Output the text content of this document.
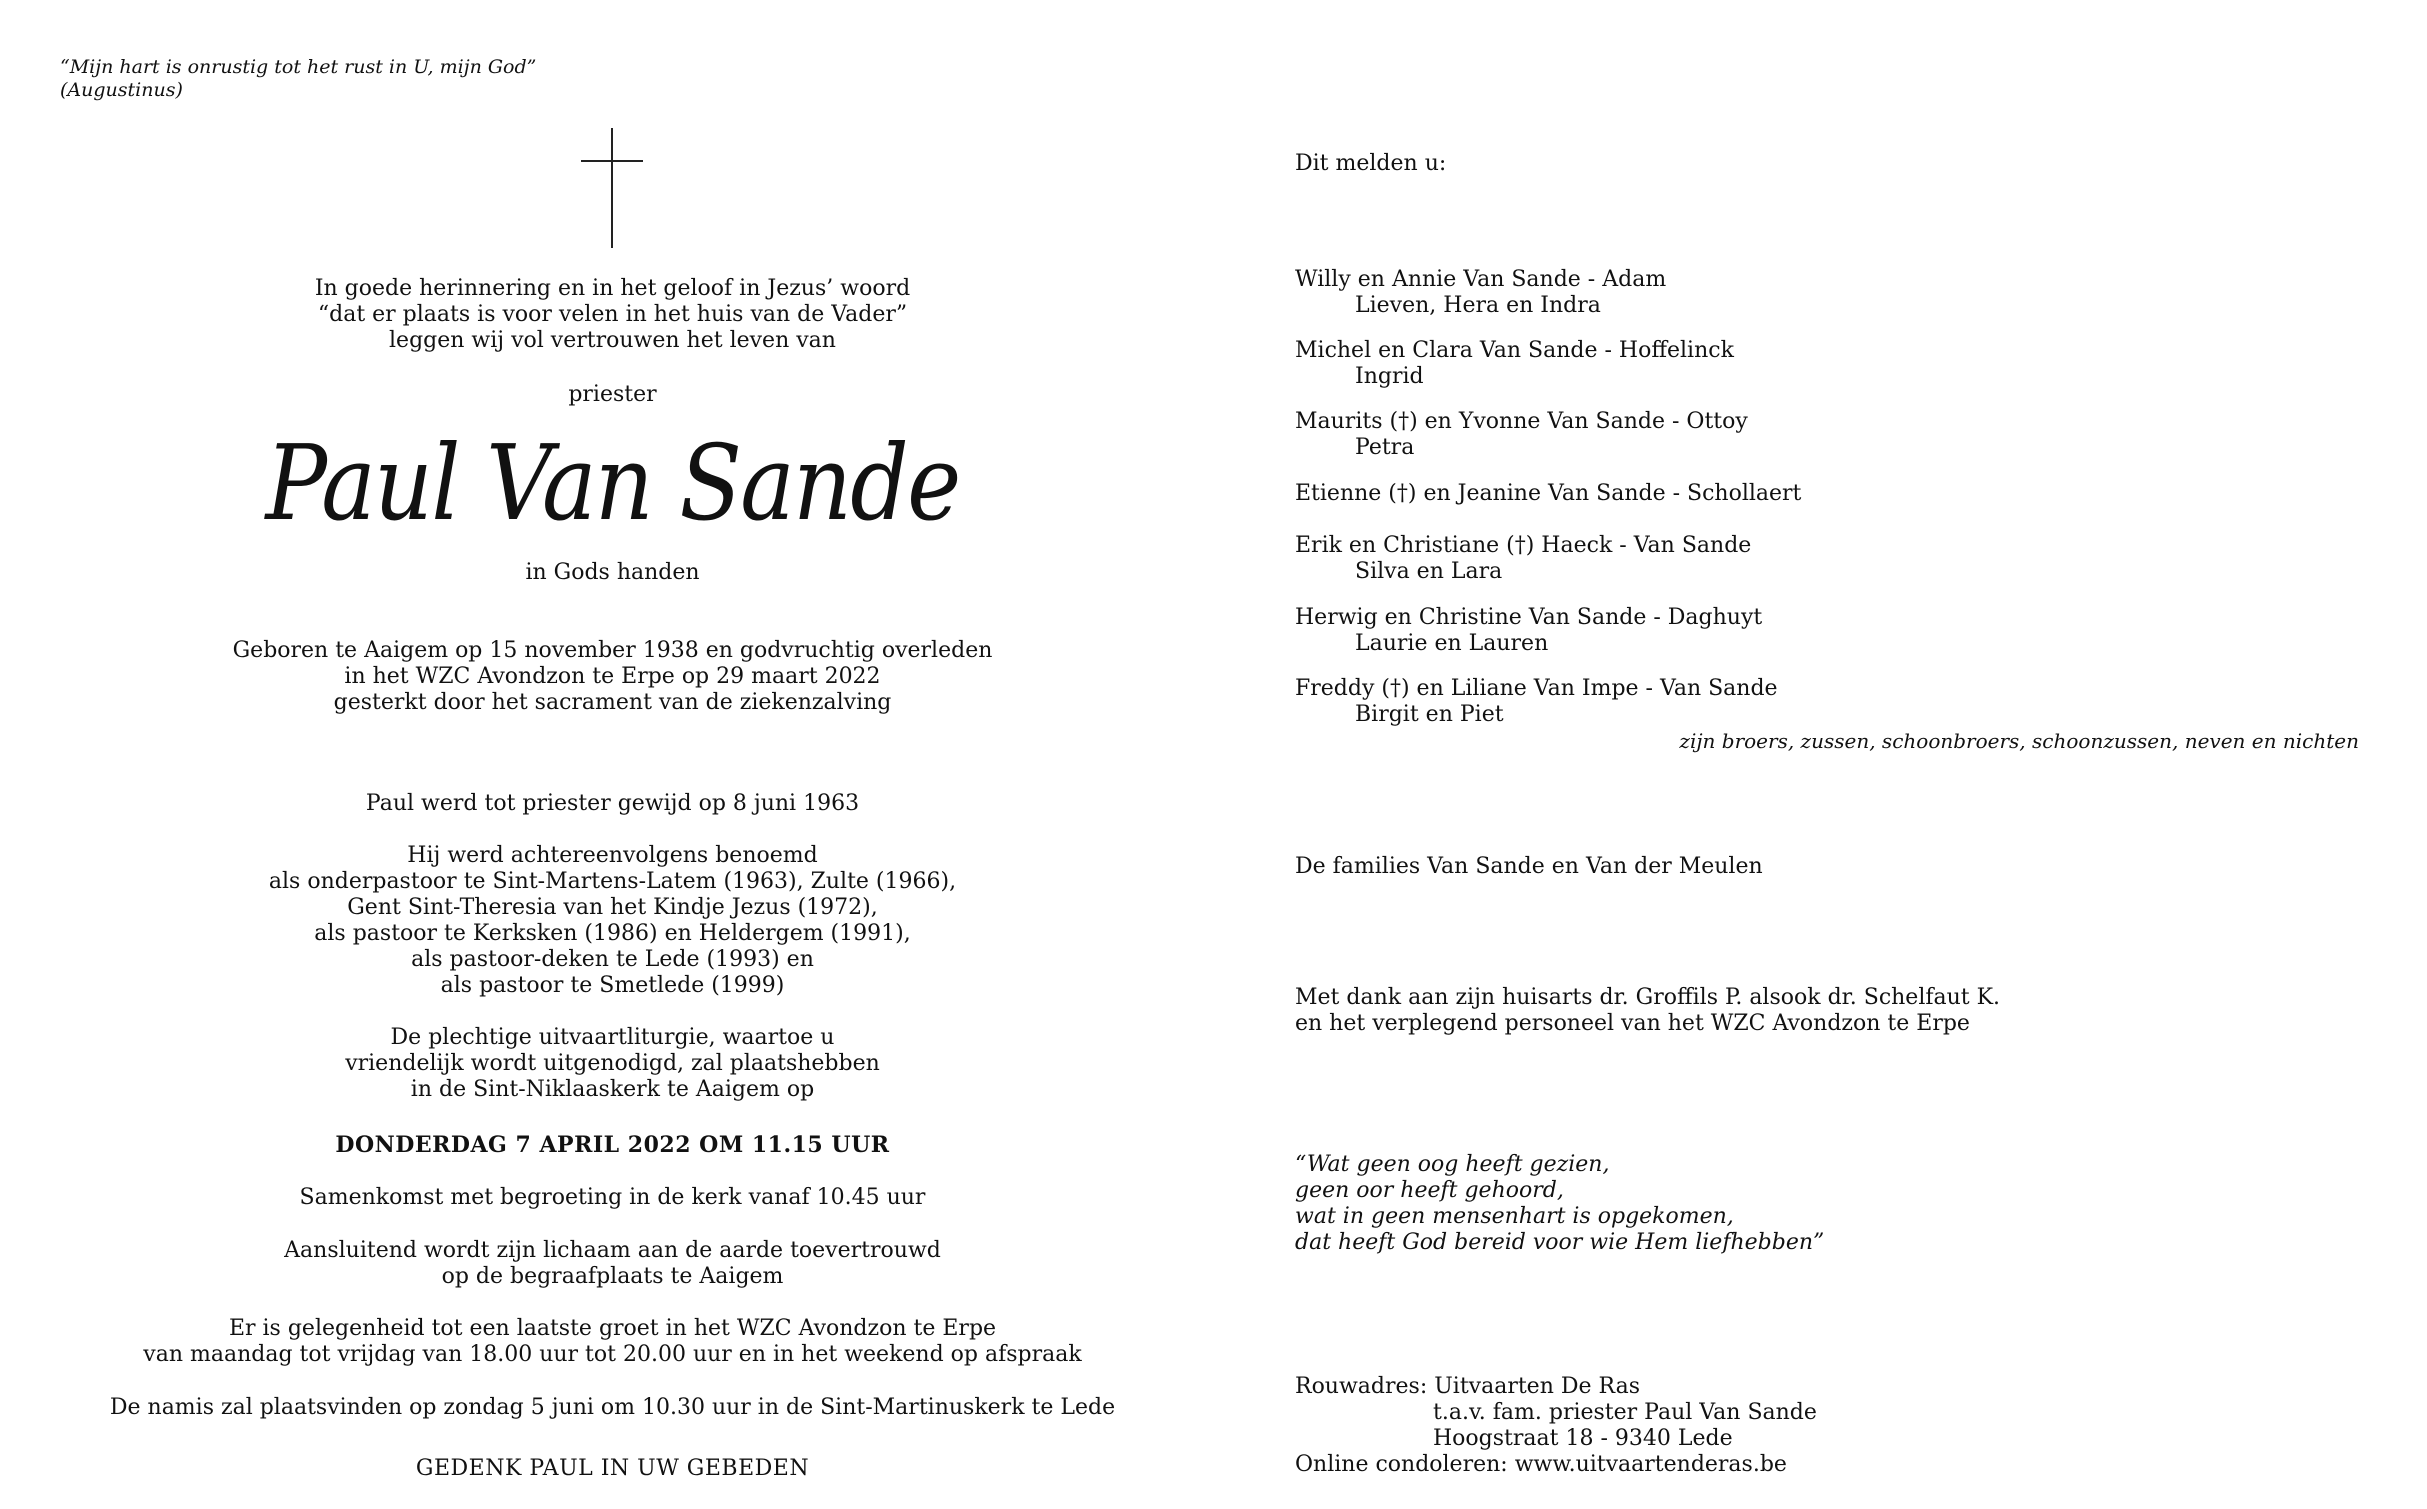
“Mijn hart is onrustig tot het rust in U, mijn God”
(Augustinus)
In goede herinnering en in het geloof in Jezus’ woord
“dat er plaats is voor velen in het huis van de Vader”
leggen wij vol vertrouwen het leven van
priester
Paul Van Sande
in Gods handen
Geboren te Aaigem op 15 november 1938 en godvruchtig overleden
in het WZC Avondzon te Erpe op 29 maart 2022
gesterkt door het sacrament van de ziekenzalving
Paul werd tot priester gewijd op 8 juni 1963
Hij werd achtereenvolgens benoemd
als onderpastoor te Sint-Martens-Latem (1963), Zulte (1966),
Gent Sint-Theresia van het Kindje Jezus (1972),
als pastoor te Kerksken (1986) en Heldergem (1991),
als pastoor-deken te Lede (1993) en
als pastoor te Smetlede (1999)
De plechtige uitvaartliturgie, waartoe u
vriendelijk wordt uitgenodigd, zal plaatshebben
in de Sint-Niklaaskerk te Aaigem op
DONDERDAG 7 APRIL 2022 OM 11.15 UUR
Samenkomst met begroeting in de kerk vanaf 10.45 uur
Aansluitend wordt zijn lichaam aan de aarde toevertrouwd
op de begraafplaats te Aaigem
Er is gelegenheid tot een laatste groet in het WZC Avondzon te Erpe
van maandag tot vrijdag van 18.00 uur tot 20.00 uur en in het weekend op afspraak
De namis zal plaatsvinden op zondag 5 juni om 10.30 uur in de Sint-Martinuskerk te Lede
GEDENK PAUL IN UW GEBEDEN
Dit melden u:
Willy en Annie Van Sande - Adam
Lieven, Hera en Indra
Michel en Clara Van Sande - Hoffelinck
Ingrid
Maurits (†) en Yvonne Van Sande - Ottoy
Petra
Etienne (†) en Jeanine Van Sande - Schollaert
Erik en Christiane (†) Haeck - Van Sande
Silva en Lara
Herwig en Christine Van Sande - Daghuyt
Laurie en Lauren
Freddy (†) en Liliane Van Impe - Van Sande
Birgit en Piet
zijn broers, zussen, schoonbroers, schoonzussen, neven en nichten
De families Van Sande en Van der Meulen
Met dank aan zijn huisarts dr. Groffils P. alsook dr. Schelfaut K.
en het verplegend personeel van het WZC Avondzon te Erpe
“Wat geen oog heeft gezien,
geen oor heeft gehoord,
wat in geen mensenhart is opgekomen,
dat heeft God bereid voor wie Hem liefhebben”
Rouwadres: Uitvaarten De Ras
t.a.v. fam. priester Paul Van Sande
Hoogstraat 18 - 9340 Lede
Online condoleren: www.uitvaartenderas.be
